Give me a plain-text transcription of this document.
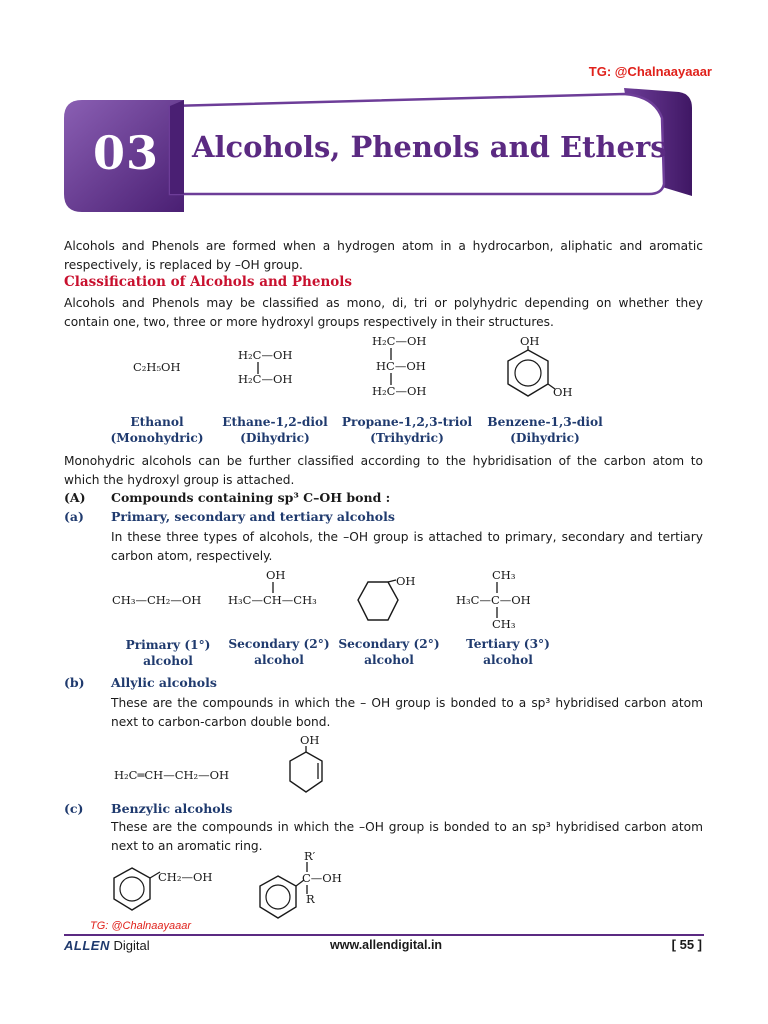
TG: @Chalnaayaaar
03	Alcohols, Phenols and Ethers
Alcohols and Phenols are formed when a hydrogen atom in a hydrocarbon, aliphatic and aromatic respectively, is replaced by –OH group.
Classification of Alcohols and Phenols
Alcohols and Phenols may be classified as mono, di, tri or polyhydric depending on whether they contain one, two, three or more hydroxyl groups respectively in their structures.
C₂H₅OH
H₂C—OH
H₂C—OH
H₂C—OH
HC—OH
H₂C—OH
OH
OH
Ethanol
(Monohydric)
Ethane-1,2-diol
(Dihydric)
Propane-1,2,3-triol
(Trihydric)
Benzene-1,3-diol
(Dihydric)
Monohydric alcohols can be further classified according to the hybridisation of the carbon atom to which the hydroxyl group is attached.
(A) Compounds containing sp³ C–OH bond :
(a) Primary, secondary and tertiary alcohols
In these three types of alcohols, the –OH group is attached to primary, secondary and tertiary carbon atom, respectively.
CH₃—CH₂—OH
OH
H₃C—CH—CH₃
OH	CH₃
H₃C—C—OH
CH₃
Primary (1°)
alcohol
Secondary (2°)
alcohol
Secondary (2°)
alcohol
Tertiary (3°)
alcohol
(b) Allylic alcohols
These are the compounds in which the – OH group is bonded to a sp³ hybridised carbon atom next to carbon-carbon double bond.
H₂C═CH—CH₂—OH
OH
(c) Benzylic alcohols
These are the compounds in which the –OH group is bonded to an sp³ hybridised carbon atom next to an aromatic ring.
CH₂—OH
R′
C—OH
R
TG: @Chalnaayaaar
ALLEN Digital	www.allendigital.in	[ 55 ]
